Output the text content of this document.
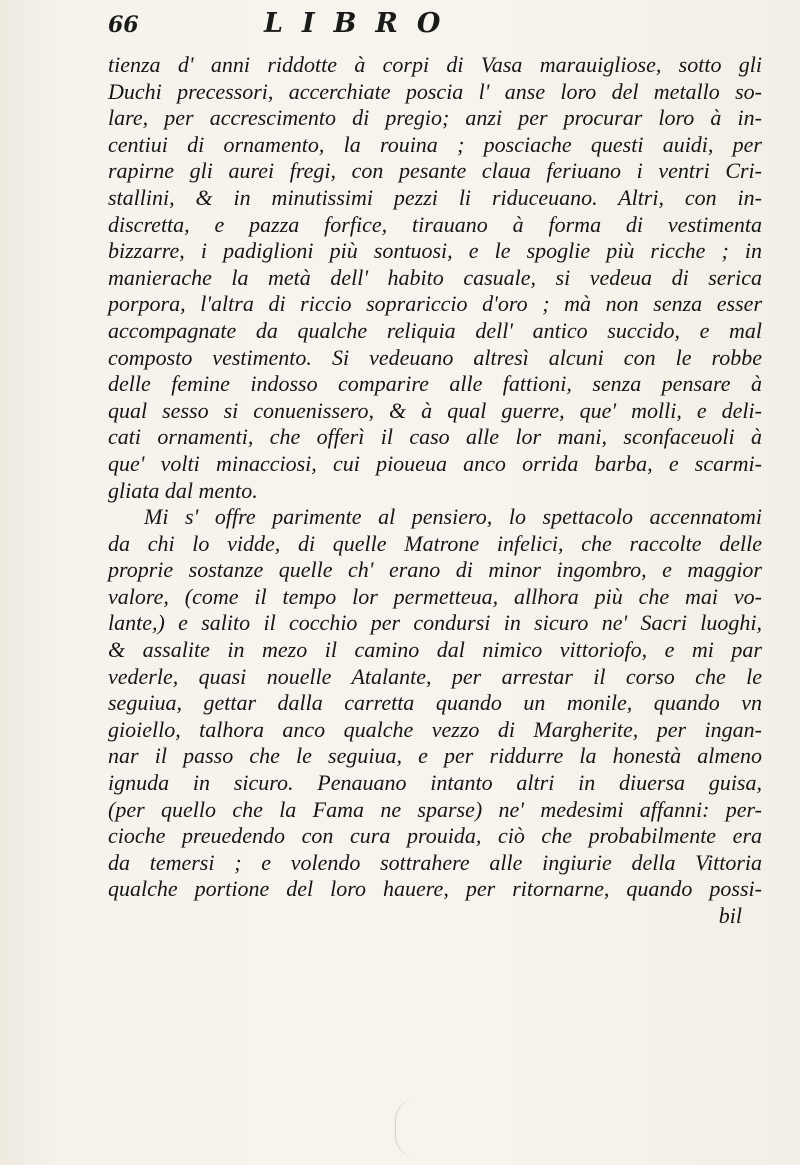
66	LIBRO
tienza d' anni riddotte à corpi di Vasa marauigliose, sotto gli
Duchi precessori, accerchiate poscia l' anse loro del metallo so-
lare, per accrescimento di pregio; anzi per procurar loro à in-
centiui di ornamento, la rouina ; posciache questi auidi, per
rapirne gli aurei fregi, con pesante claua feriuano i ventri Cri-
stallini, & in minutissimi pezzi li riduceuano. Altri, con in-
discretta, e pazza forfice, tirauano à forma di vestimenta
bizzarre, i padiglioni più sontuosi, e le spoglie più ricche ; in
manierache la metà dell' habito casuale, si vedeua di serica
porpora, l'altra di riccio soprariccio d'oro ; mà non senza esser
accompagnate da qualche reliquia dell' antico succido, e mal
composto vestimento. Si vedeuano altresì alcuni con le robbe
delle femine indosso comparire alle fattioni, senza pensare à
qual sesso si conuenissero, & à qual guerre, que' molli, e deli-
cati ornamenti, che offerì il caso alle lor mani, sconfaceuoli à
que' volti minacciosi, cui pioueua anco orrida barba, e scarmi-
gliata dal mento.
Mi s' offre parimente al pensiero, lo spettacolo accennatomi
da chi lo vidde, di quelle Matrone infelici, che raccolte delle
proprie sostanze quelle ch' erano di minor ingombro, e maggior
valore, (come il tempo lor permetteua, allhora più che mai vo-
lante,) e salito il cocchio per condursi in sicuro ne' Sacri luoghi,
& assalite in mezo il camino dal nimico vittoriofo, e mi par
vederle, quasi nouelle Atalante, per arrestar il corso che le
seguiua, gettar dalla carretta quando un monile, quando vn
gioiello, talhora anco qualche vezzo di Margherite, per ingan-
nar il passo che le seguiua, e per riddurre la honestà almeno
ignuda in sicuro. Penauano intanto altri in diuersa guisa,
(per quello che la Fama ne sparse) ne' medesimi affanni: per-
cioche preuedendo con cura prouida, ciò che probabilmente era
da temersi ; e volendo sottrahere alle ingiurie della Vittoria
qualche portione del loro hauere, per ritornarne, quando possi-
bil
